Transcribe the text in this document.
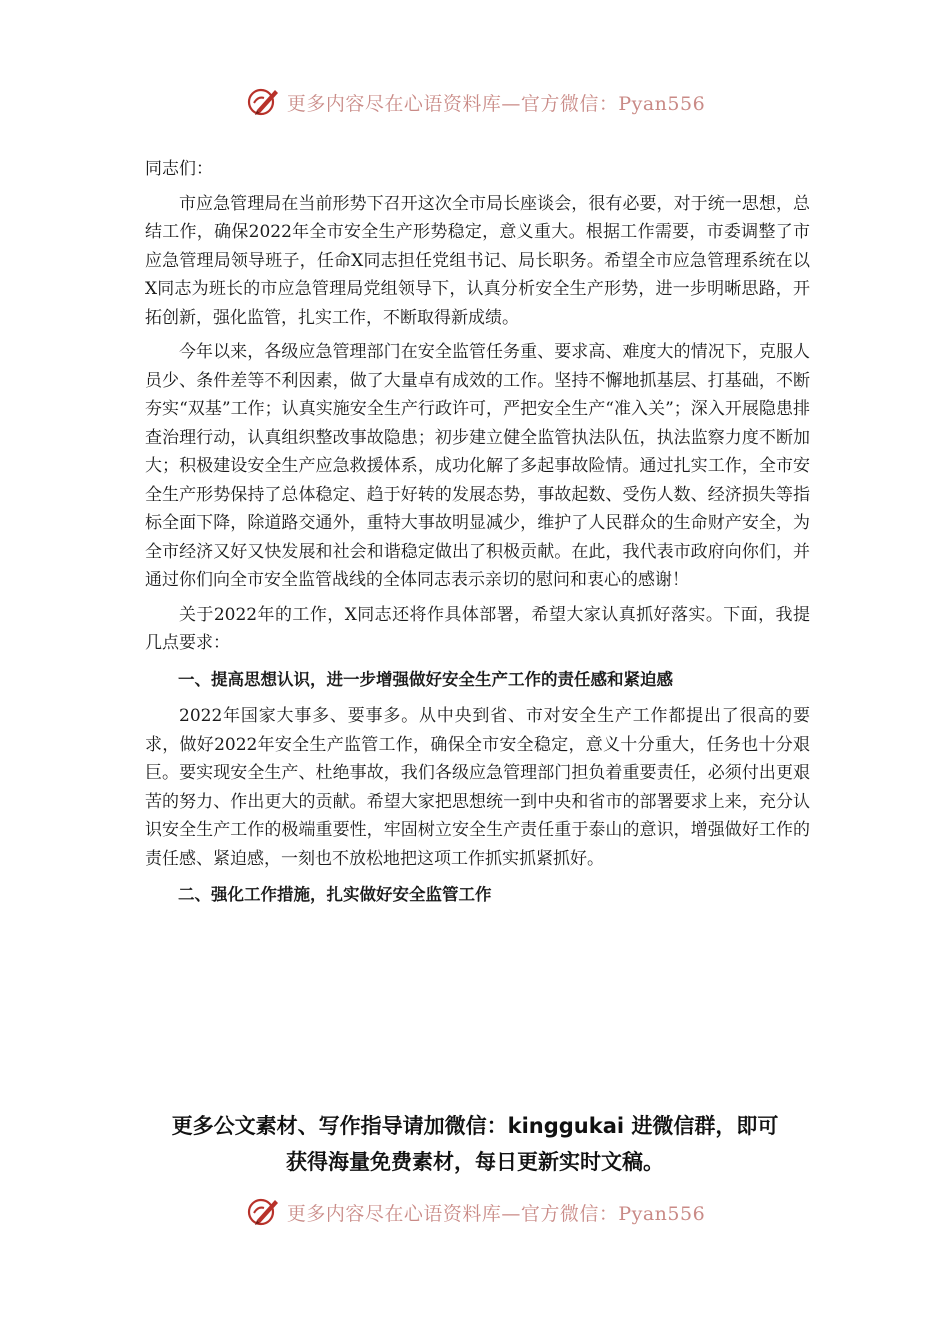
更多内容尽在心语资料库—官方微信：Pyan556

同志们：

市应急管理局在当前形势下召开这次全市局长座谈会，很有必要，对于统一思想，总结工作，确保2022年全市安全生产形势稳定，意义重大。根据工作需要，市委调整了市应急管理局领导班子，任命X同志担任党组书记、局长职务。希望全市应急管理系统在以X同志为班长的市应急管理局党组领导下，认真分析安全生产形势，进一步明晰思路，开拓创新，强化监管，扎实工作，不断取得新成绩。

今年以来，各级应急管理部门在安全监管任务重、要求高、难度大的情况下，克服人员少、条件差等不利因素，做了大量卓有成效的工作。坚持不懈地抓基层、打基础，不断夯实“双基”工作；认真实施安全生产行政许可，严把安全生产“准入关”；深入开展隐患排查治理行动，认真组织整改事故隐患；初步建立健全监管执法队伍，执法监察力度不断加大；积极建设安全生产应急救援体系，成功化解了多起事故险情。通过扎实工作，全市安全生产形势保持了总体稳定、趋于好转的发展态势，事故起数、受伤人数、经济损失等指标全面下降，除道路交通外，重特大事故明显减少，维护了人民群众的生命财产安全，为全市经济又好又快发展和社会和谐稳定做出了积极贡献。在此，我代表市政府向你们，并通过你们向全市安全监管战线的全体同志表示亲切的慰问和衷心的感谢！

关于2022年的工作，X同志还将作具体部署，希望大家认真抓好落实。下面，我提几点要求：

一、提高思想认识，进一步增强做好安全生产工作的责任感和紧迫感

2022年国家大事多、要事多。从中央到省、市对安全生产工作都提出了很高的要求，做好2022年安全生产监管工作，确保全市安全稳定，意义十分重大，任务也十分艰巨。要实现安全生产、杜绝事故，我们各级应急管理部门担负着重要责任，必须付出更艰苦的努力、作出更大的贡献。希望大家把思想统一到中央和省市的部署要求上来，充分认识安全生产工作的极端重要性，牢固树立安全生产责任重于泰山的意识，增强做好工作的责任感、紧迫感，一刻也不放松地把这项工作抓实抓紧抓好。

二、强化工作措施，扎实做好安全监管工作

更多公文素材、写作指导请加微信：kinggukai 进微信群，即可
获得海量免费素材，每日更新实时文稿。
更多内容尽在心语资料库—官方微信：Pyan556
